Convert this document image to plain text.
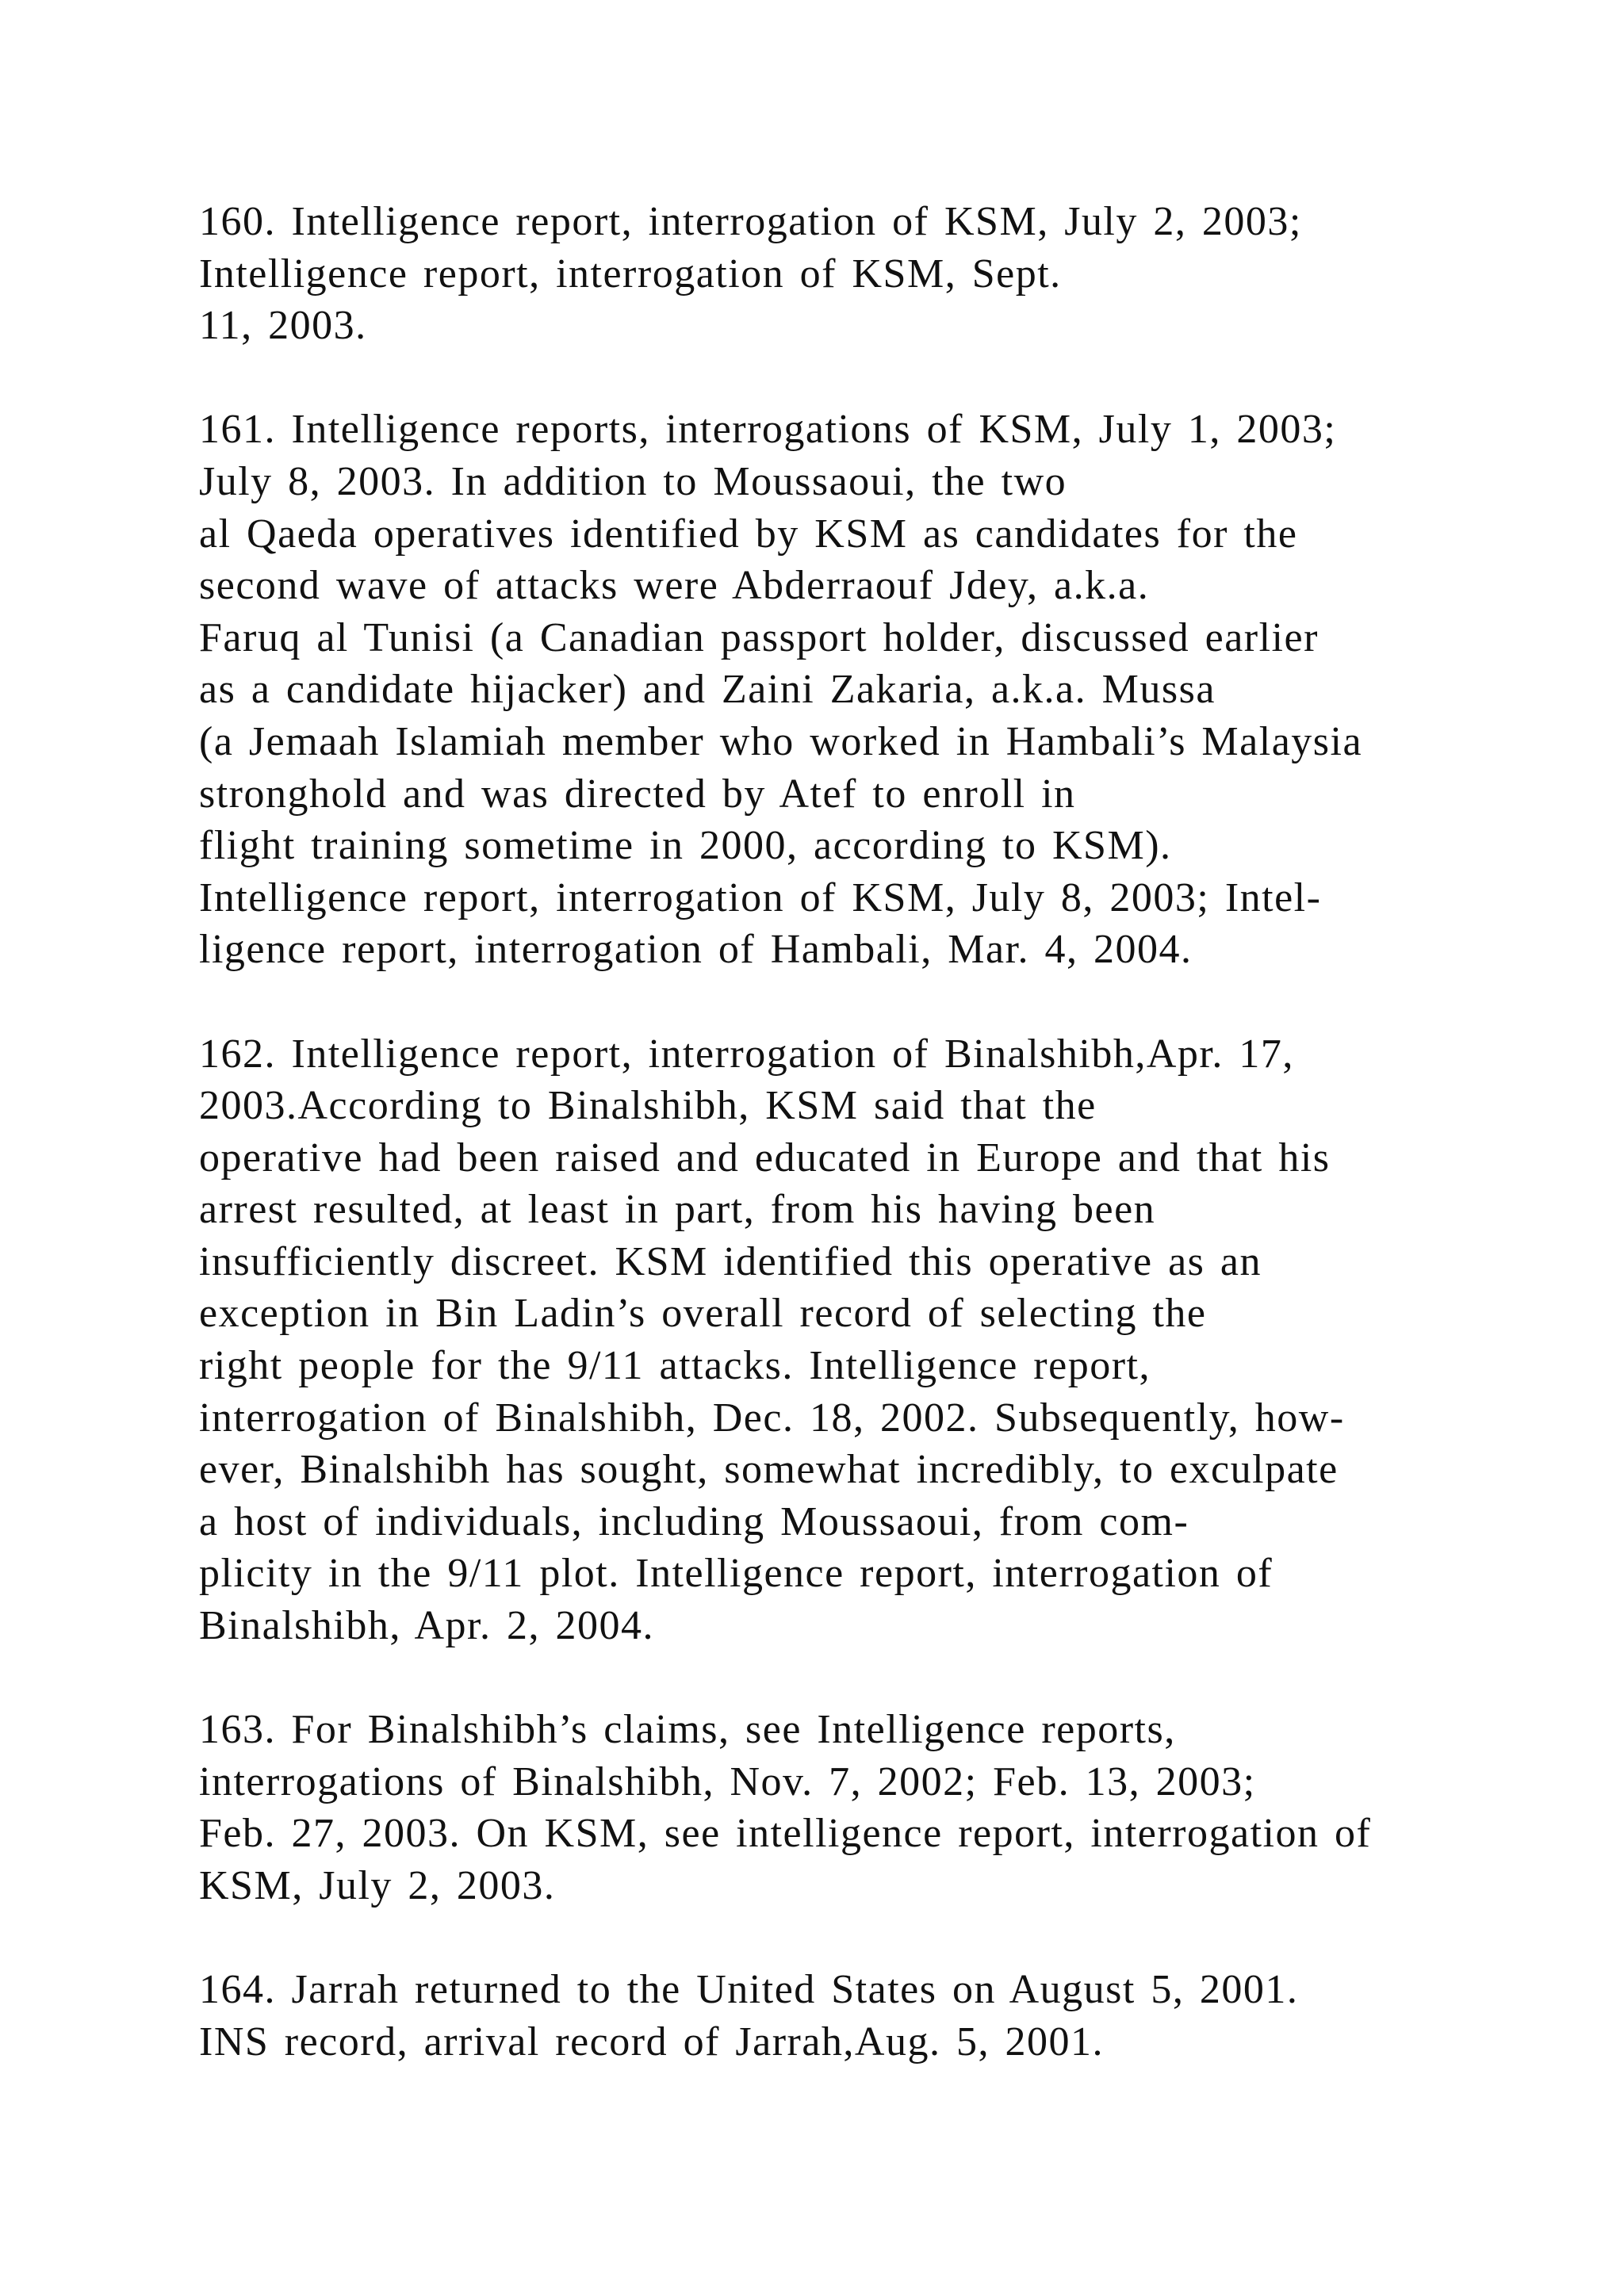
160. Intelligence report, interrogation of KSM, July 2, 2003;
Intelligence report, interrogation of KSM, Sept.
11, 2003.
161. Intelligence reports, interrogations of KSM, July 1, 2003;
July 8, 2003. In addition to Moussaoui, the two
al Qaeda operatives identified by KSM as candidates for the
second wave of attacks were Abderraouf Jdey, a.k.a.
Faruq al Tunisi (a Canadian passport holder, discussed earlier
as a candidate hijacker) and Zaini Zakaria, a.k.a. Mussa
(a Jemaah Islamiah member who worked in Hambali’s Malaysia
stronghold and was directed by Atef to enroll in
flight training sometime in 2000, according to KSM).
Intelligence report, interrogation of KSM, July 8, 2003; Intel-
ligence report, interrogation of Hambali, Mar. 4, 2004.
162. Intelligence report, interrogation of Binalshibh,Apr. 17,
2003.According to Binalshibh, KSM said that the
operative had been raised and educated in Europe and that his
arrest resulted, at least in part, from his having been
insufficiently discreet. KSM identified this operative as an
exception in Bin Ladin’s overall record of selecting the
right people for the 9/11 attacks. Intelligence report,
interrogation of Binalshibh, Dec. 18, 2002. Subsequently, how-
ever, Binalshibh has sought, somewhat incredibly, to exculpate
a host of individuals, including Moussaoui, from com-
plicity in the 9/11 plot. Intelligence report, interrogation of
Binalshibh, Apr. 2, 2004.
163. For Binalshibh’s claims, see Intelligence reports,
interrogations of Binalshibh, Nov. 7, 2002; Feb. 13, 2003;
Feb. 27, 2003. On KSM, see intelligence report, interrogation of
KSM, July 2, 2003.
164. Jarrah returned to the United States on August 5, 2001.
INS record, arrival record of Jarrah,Aug. 5, 2001.
